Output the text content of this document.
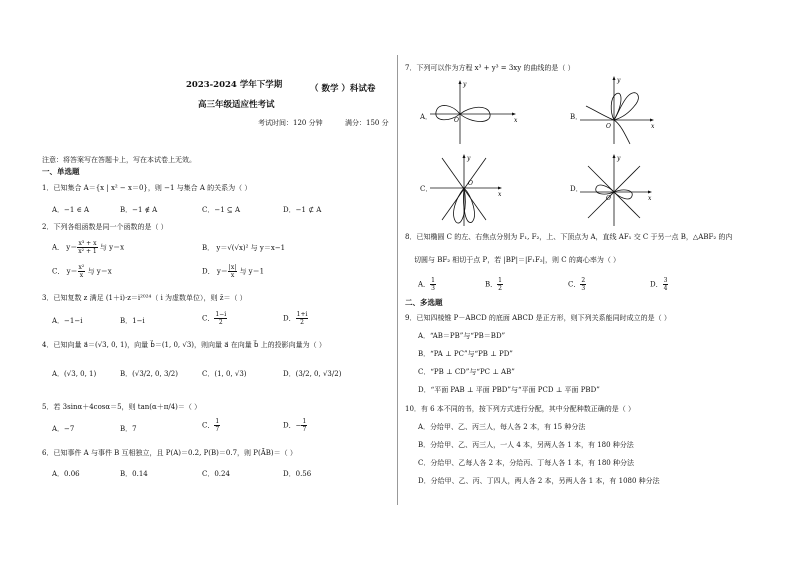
2023-2024 学年下学期	（ 数学 ）科试卷
高三年级适应性考试
考试时间：120 分钟	满分：150 分
注意：将答案写在答题卡上，写在本试卷上无效。
一、单选题
1．已知集合 A＝{x | x² − x＝0}，则 −1 与集合 A 的关系为（ ）
A．−1 ∈ A	B．−1 ∉ A	C．−1 ⊆ A	D．−1 ⊄ A
2．下列各组函数是同一个函数的是（ ）
A． $y= \frac{\text{x³ + x}}{\text{x² + 1}}$ 与 y＝x	B． y＝√(√x)² 与 y＝x−1
C． $y= \frac{\text{x²}}{x}$ 与 y＝x	D． $y= \frac{|x|}{x}$ 与 y＝1
3．已知复数 z 满足 (1＋i)·z＝i²⁰²⁴（ i 为虚数单位），则 z̄＝（ ）
A．−1−i	B．1−i	C． $\frac{1-i}{2}$	D． $\frac{1+i}{2}$
4．已知向量 a⃗＝(√3, 0, 1)，向量 b⃗＝(1, 0, √3)，则向量 a⃗ 在向量 b⃗ 上的投影向量为（ ）
A．(√3, 0, 1)	B．(√3/2, 0, 3/2)	C．(1, 0, √3)	D．(3/2, 0, √3/2)
5．若 3sinα＋4cosα＝5，则 tan(α＋π/4)＝（ ）
A．−7	B．7	C． $\frac{1}{7}$	D．− $\frac{1}{7}$
6．已知事件 A 与事件 B 互相独立，且 P(A)＝0.2, P(B)＝0.7，则 P(ĀB)＝（ ）
A．0.06	B．0.14	C．0.24	D．0.56
7．下列可以作为方程 x³ + y³ = 3xy 的曲线的是（ ）
A．	x
y
O	B．
x
y
O
C．
x
y
O
D．
x
y
O
8．已知椭圆 C 的左、右焦点分别为 F₁, F₂，上、下顶点为 A，直线 AF₁ 交 C 于另一点 B，△ABF₂ 的内
切圆与 BF₂ 相切于点 P，若 |BP|＝|F₁F₂|，则 C 的离心率为（ ）
A． $\frac{1}{3}$	B． $\frac{1}{2}$	C． $\frac{2}{3}$	D． $\frac{3}{4}$
二、多选题
9．已知四棱锥 P－ABCD 的底面 ABCD 是正方形，则下列关系能同时成立的是（ ）
A．“AB＝PB”与“PB＝BD”
B．“PA ⊥ PC”与“PB ⊥ PD”
C．“PB ⊥ CD”与“PC ⊥ AB”
D．“平面 PAB ⊥ 平面 PBD”与“平面 PCD ⊥ 平面 PBD”
10．有 6 本不同的书，按下列方式进行分配，其中分配种数正确的是（ ）
A．分给甲、乙、丙三人，每人各 2 本，有 15 种分法
B．分给甲、乙、丙三人，一人 4 本，另两人各 1 本，有 180 种分法
C．分给甲、乙每人各 2 本，分给丙、丁每人各 1 本，有 180 种分法
D．分给甲、乙、丙、丁四人，两人各 2 本，另两人各 1 本，有 1080 种分法
